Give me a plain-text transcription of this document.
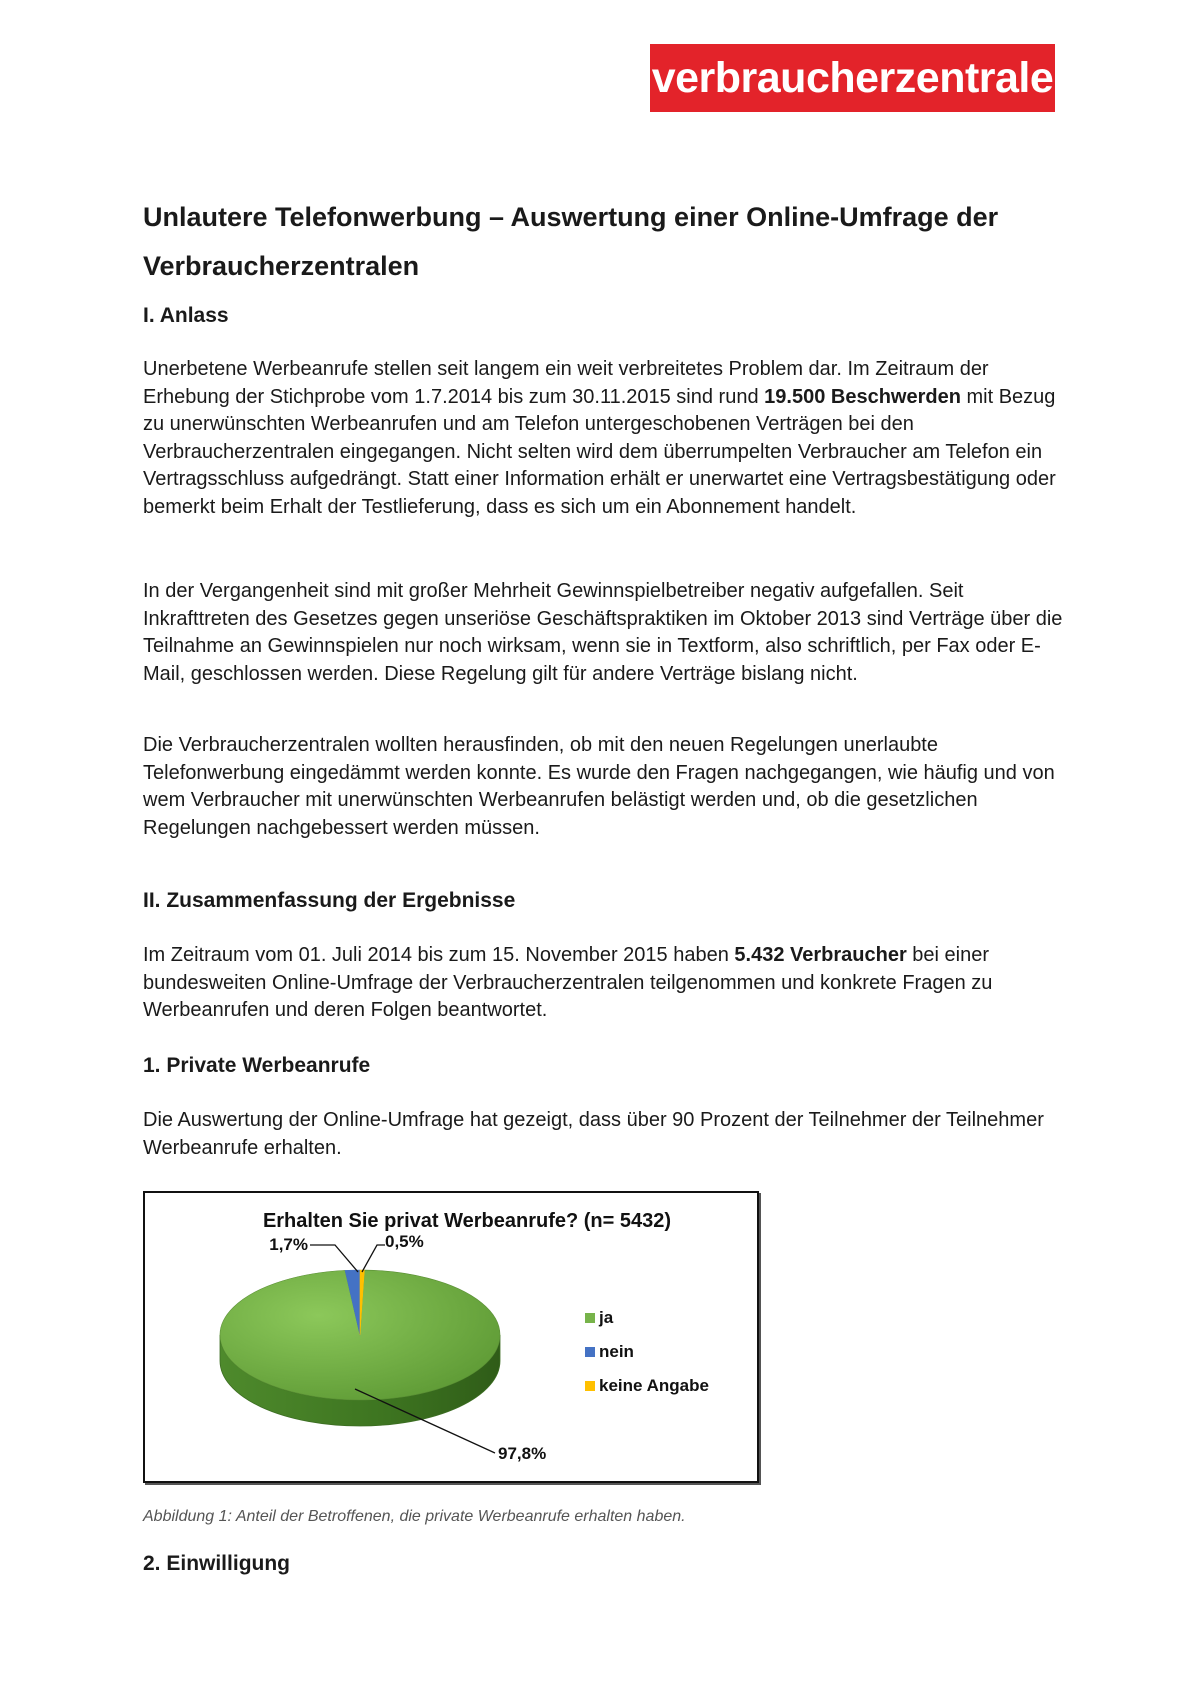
verbraucherzentrale
Unlautere Telefonwerbung – Auswertung einer Online-Umfrage der Verbraucherzentralen
I. Anlass

Unerbetene Werbeanrufe stellen seit langem ein weit verbreitetes Problem dar. Im Zeitraum der Erhebung der Stichprobe vom 1.7.2014 bis zum 30.11.2015 sind rund 19.500 Beschwerden mit Bezug zu unerwünschten Werbeanrufen und am Telefon untergeschobenen Verträgen bei den Verbraucherzentralen eingegangen. Nicht selten wird dem überrumpelten Verbraucher am Telefon ein Vertragsschluss aufgedrängt. Statt einer Information erhält er unerwartet eine Vertragsbestätigung oder bemerkt beim Erhalt der Testlieferung, dass es sich um ein Abonnement handelt.

In der Vergangenheit sind mit großer Mehrheit Gewinnspielbetreiber negativ aufgefallen. Seit Inkrafttreten des Gesetzes gegen unseriöse Geschäftspraktiken im Oktober 2013 sind Verträge über die Teilnahme an Gewinnspielen nur noch wirksam, wenn sie in Textform, also schriftlich, per Fax oder E-Mail, geschlossen werden. Diese Regelung gilt für andere Verträge bislang nicht.

Die Verbraucherzentralen wollten herausfinden, ob mit den neuen Regelungen unerlaubte Telefonwerbung eingedämmt werden konnte. Es wurde den Fragen nachgegangen, wie häufig und von wem Verbraucher mit unerwünschten Werbeanrufen belästigt werden und, ob die gesetzlichen Regelungen nachgebessert werden müssen.

II. Zusammenfassung der Ergebnisse

Im Zeitraum vom 01. Juli 2014 bis zum 15. November 2015 haben 5.432 Verbraucher bei einer bundesweiten Online-Umfrage der Verbraucherzentralen teilgenommen und konkrete Fragen zu Werbeanrufen und deren Folgen beantwortet.

1. Private Werbeanrufe

Die Auswertung der Online-Umfrage hat gezeigt, dass über 90 Prozent der Teilnehmer der Teilnehmer Werbeanrufe erhalten.

2. Einwilligung
Erhalten Sie privat Werbeanrufe? (n= 5432)
97,8%
1,7%	0,5%
ja
nein
keine Angabe
Abbildung 1: Anteil der Betroffenen, die private Werbeanrufe erhalten haben.
